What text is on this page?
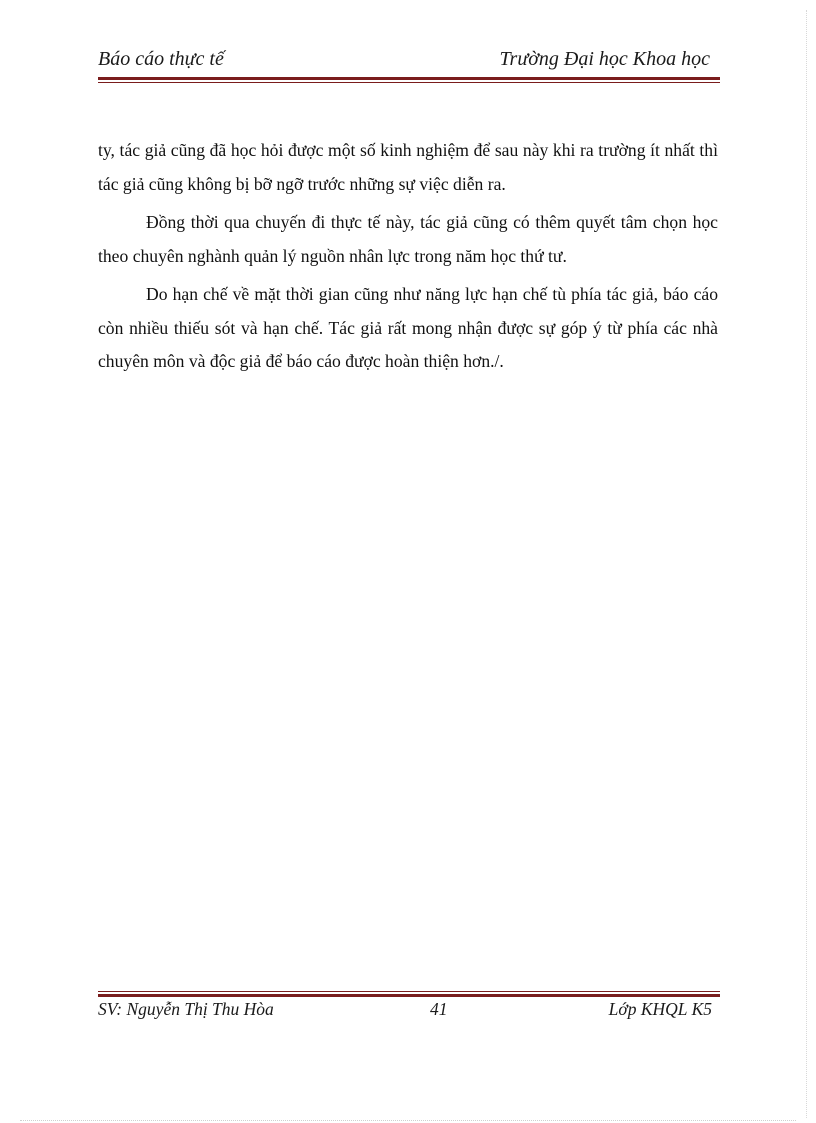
Báo cáo thực tế	Trường Đại học Khoa học

ty, tác giả cũng đã học hỏi được một số kinh nghiệm để sau này khi ra trường ít nhất thì tác giả cũng không bị bỡ ngỡ trước những sự việc diễn ra.

Đồng thời qua chuyến đi thực tế này, tác giả cũng có thêm quyết tâm chọn học theo chuyên nghành quản lý nguồn nhân lực trong năm học thứ tư.

Do hạn chế về mặt thời gian cũng như năng lực hạn chế tù phía tác giả, báo cáo còn nhiều thiếu sót và hạn chế. Tác giả rất mong nhận được sự góp ý từ phía các nhà chuyên môn và độc giả để báo cáo được hoàn thiện hơn./.

SV: Nguyễn Thị Thu Hòa	41	Lớp KHQL K5
